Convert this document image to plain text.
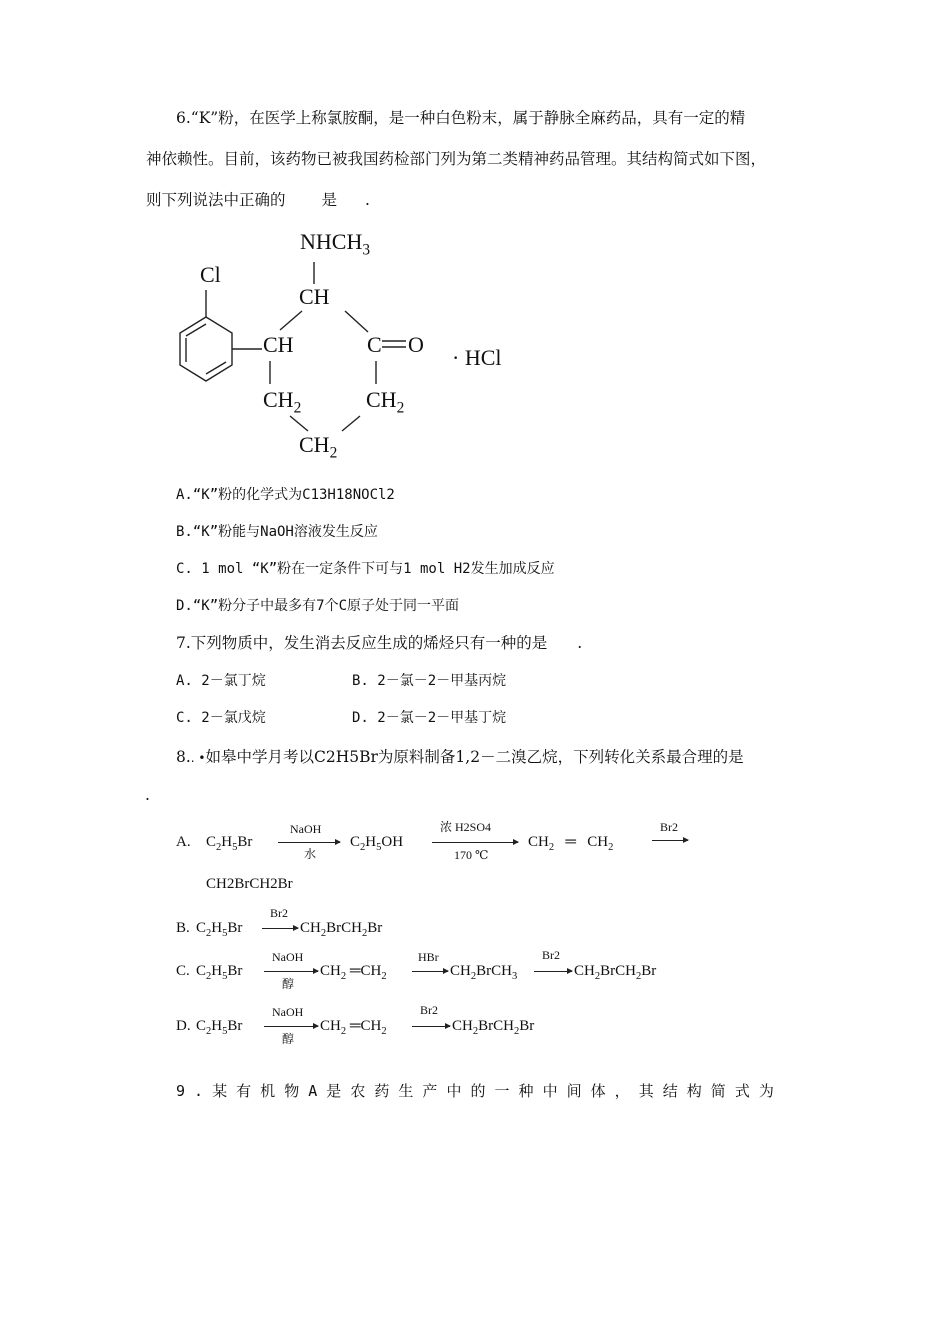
6.“K”粉，在医学上称氯胺酮，是一种白色粉末，属于静脉全麻药品，具有一定的精
神依赖性。目前，该药物已被我国药检部门列为第二类精神药品管理。其结构简式如下图，
则下列说法中正确的 是 .
Cl
$NHCH_3$
CH
CH	C O
$CH_2$	$CH_2$
$CH_2$
· HCl
A.“K”粉的化学式为C13H18NOCl2
B.“K”粉能与NaOH溶液发生反应
C. 1 mol “K”粉在一定条件下可与1 mol H2发生加成反应
D.“K”粉分子中最多有7个C原子处于同一平面
7.下列物质中，发生消去反应生成的烯烃只有一种的是 .
A. 2－氯丁烷	B. 2－氯－2－甲基丙烷
C. 2－氯戊烷	D. 2－氯－2－甲基丁烷
8.. •如皋中学月考以C2H5Br为原料制备1,2－二溴乙烷，下列转化关系最合理的是
.
A. $C_2H_5Br$
NaOH
水
$C_2H_5OH$
浓 H2SO4
170 ℃
$CH_2$   ═   $CH_2$
Br2
CH2BrCH2Br
B. $C_2H_5Br$
Br2
$CH_2BrCH_2Br$
C. $C_2H_5Br$
NaOH
醇
$CH_2$ $═CH_2$
HBr
$CH_2BrCH_3$
Br2
$CH_2BrCH_2Br$
D. $C_2H_5Br$
NaOH
醇
$CH_2$ $═CH_2$
Br2
$CH_2BrCH_2Br$
9 . 某 有 机 物 A 是 农 药 生 产 中 的 一 种 中 间 体 ， 其 结 构 简 式 为
